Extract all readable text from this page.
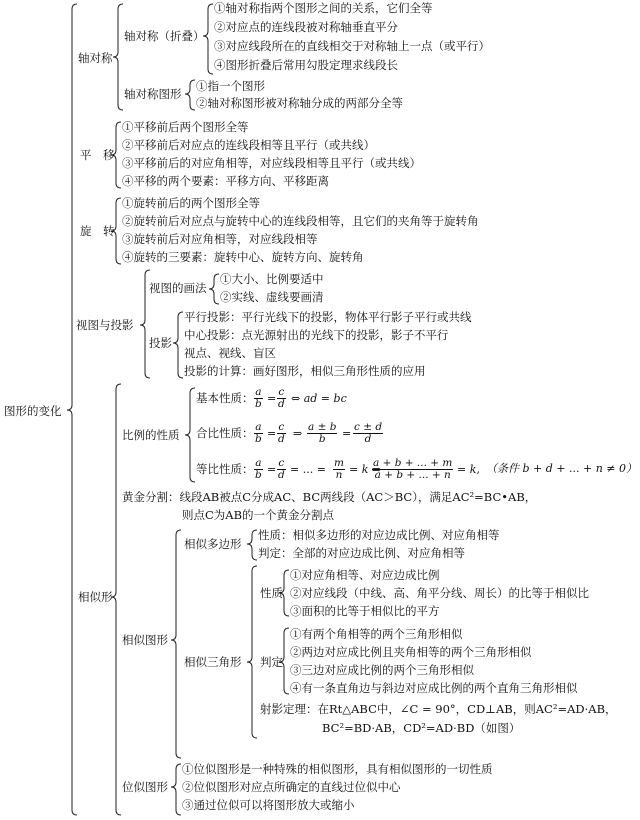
图形的变化
轴对称
轴对称（折叠）
①轴对称指两个图形之间的关系，它们全等
②对应点的连线段被对称轴垂直平分
③对应线段所在的直线相交于对称轴上一点（或平行）
④图形折叠后常用勾股定理求线段长
轴对称图形
①指一个图形
②轴对称图形被对称轴分成的两部分全等
平　移
①平移前后两个图形全等
②平移前后对应点的连线段相等且平行（或共线）
③平移前后的对应角相等，对应线段相等且平行（或共线）
④平移的两个要素：平移方向、平移距离
旋　转
①旋转前后的两个图形全等
②旋转前后对应点与旋转中心的连线段相等，且它们的夹角等于旋转角
③旋转前后对应角相等，对应线段相等
④旋转的三要素：旋转中心、旋转方向、旋转角
视图与投影
视图的画法
①大小、比例要适中
②实线、虚线要画清
投影
平行投影：平行光线下的投影，物体平行影子平行或共线
中心投影：点光源射出的光线下的投影，影子不平行
视点、视线、盲区
投影的计算：画好图形，相似三角形性质的应用
相似形
比例的性质
基本性质： $\frac{a}{b} = \frac{c}{d}$ ⇔ ad = bc
合比性质： $\frac{a}{b} = \frac{c}{d}$ ⇒ $\frac{a \pm b}{b} = \frac{c \pm d}{d}$
等比性质： $\frac{a}{b} = \frac{c}{d}$ = ... = $\frac{m}{n} = k$ ⇒
$\frac{a + b + ... + m}{a + b + ... + n} = k$, （条件 b + d + ... + n ≠ 0）
黄金分割：线段AB被点C分成AC、BC两线段（AC＞BC），满足AC²=BC•AB，
则点C为AB的一个黄金分割点
相似图形
相似多边形
性质：相似多边形的对应边成比例、对应角相等
判定：全部的对应边成比例、对应角相等
相似三角形
性质
①对应角相等、对应边成比例
②对应线段（中线、高、角平分线、周长）的比等于相似比
③面积的比等于相似比的平方
判定
①有两个角相等的两个三角形相似
②两边对应成比例且夹角相等的两个三角形相似
③三边对应成比例的两个三角形相似
④有一条直角边与斜边对应成比例的两个直角三角形相似
射影定理：在Rt△ABC中，∠C = 90°，CD⊥AB，则AC²=AD·AB，
BC²=BD·AB，CD²=AD·BD（如图）
位似图形
①位似图形是一种特殊的相似图形，具有相似图形的一切性质
②位似图形对应点所确定的直线过位似中心
③通过位似可以将图形放大或缩小
